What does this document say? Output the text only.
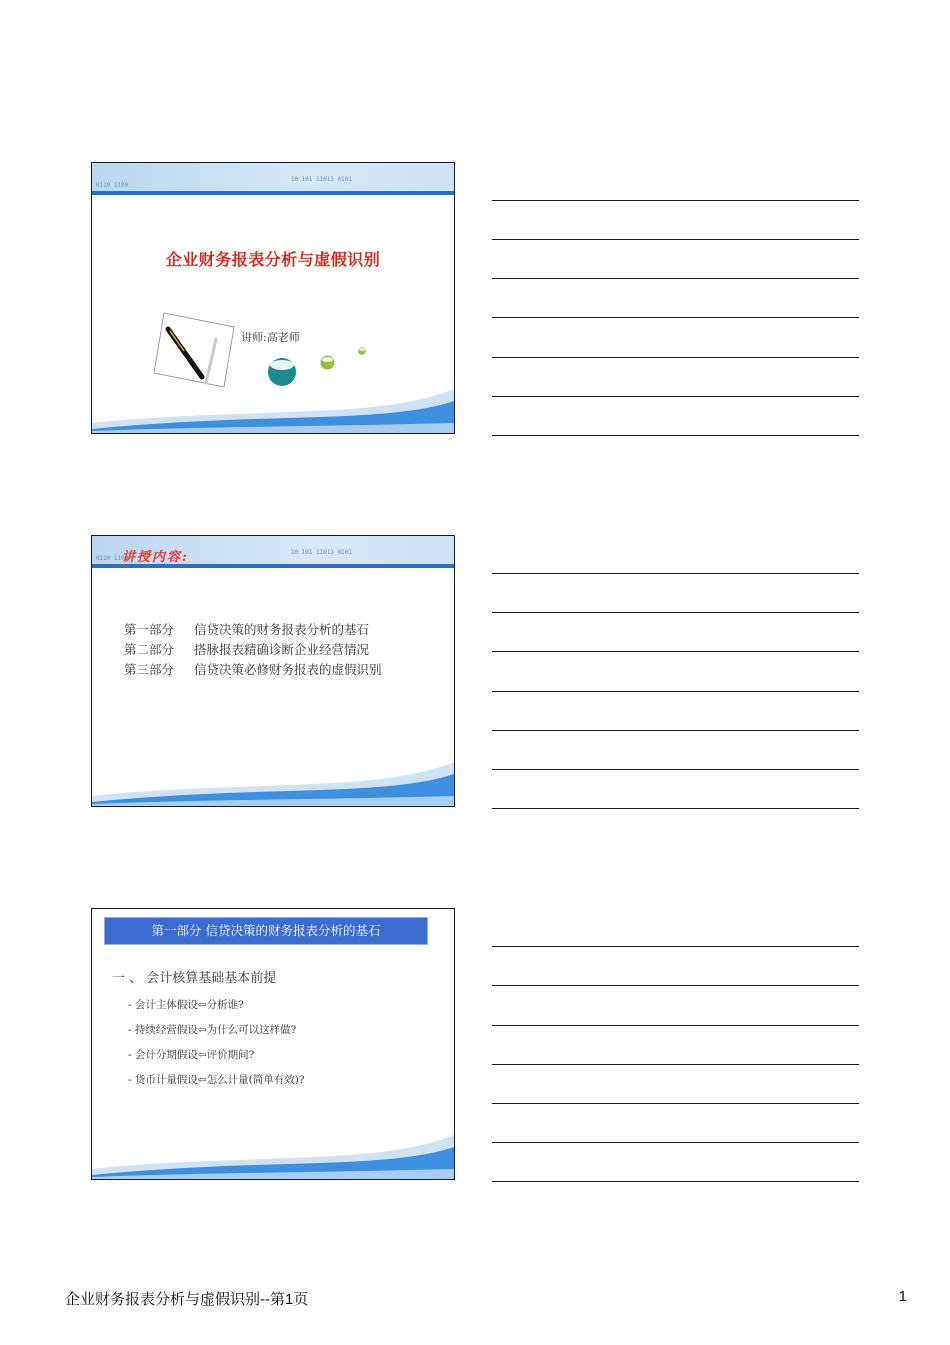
0110 1100
10 101 11011 0101
企业财务报表分析与虚假识别
讲师:高老师
0110 1100
10 101 11011 0101
讲授内容:
第一部分 信贷决策的财务报表分析的基石
第二部分 搭脉报表精确诊断企业经营情况
第三部分 信贷决策必修财务报表的虚假识别
第一部分 信贷决策的财务报表分析的基石
一 、 会计核算基础基本前提
- 会计主体假设⇦分析谁?
- 持续经营假设⇦为什么可以这样做?
- 会计分期假设⇦评价期间?
- 货币计量假设⇦怎么计量(简单有效)?
企业财务报表分析与虚假识别--第1页	1
